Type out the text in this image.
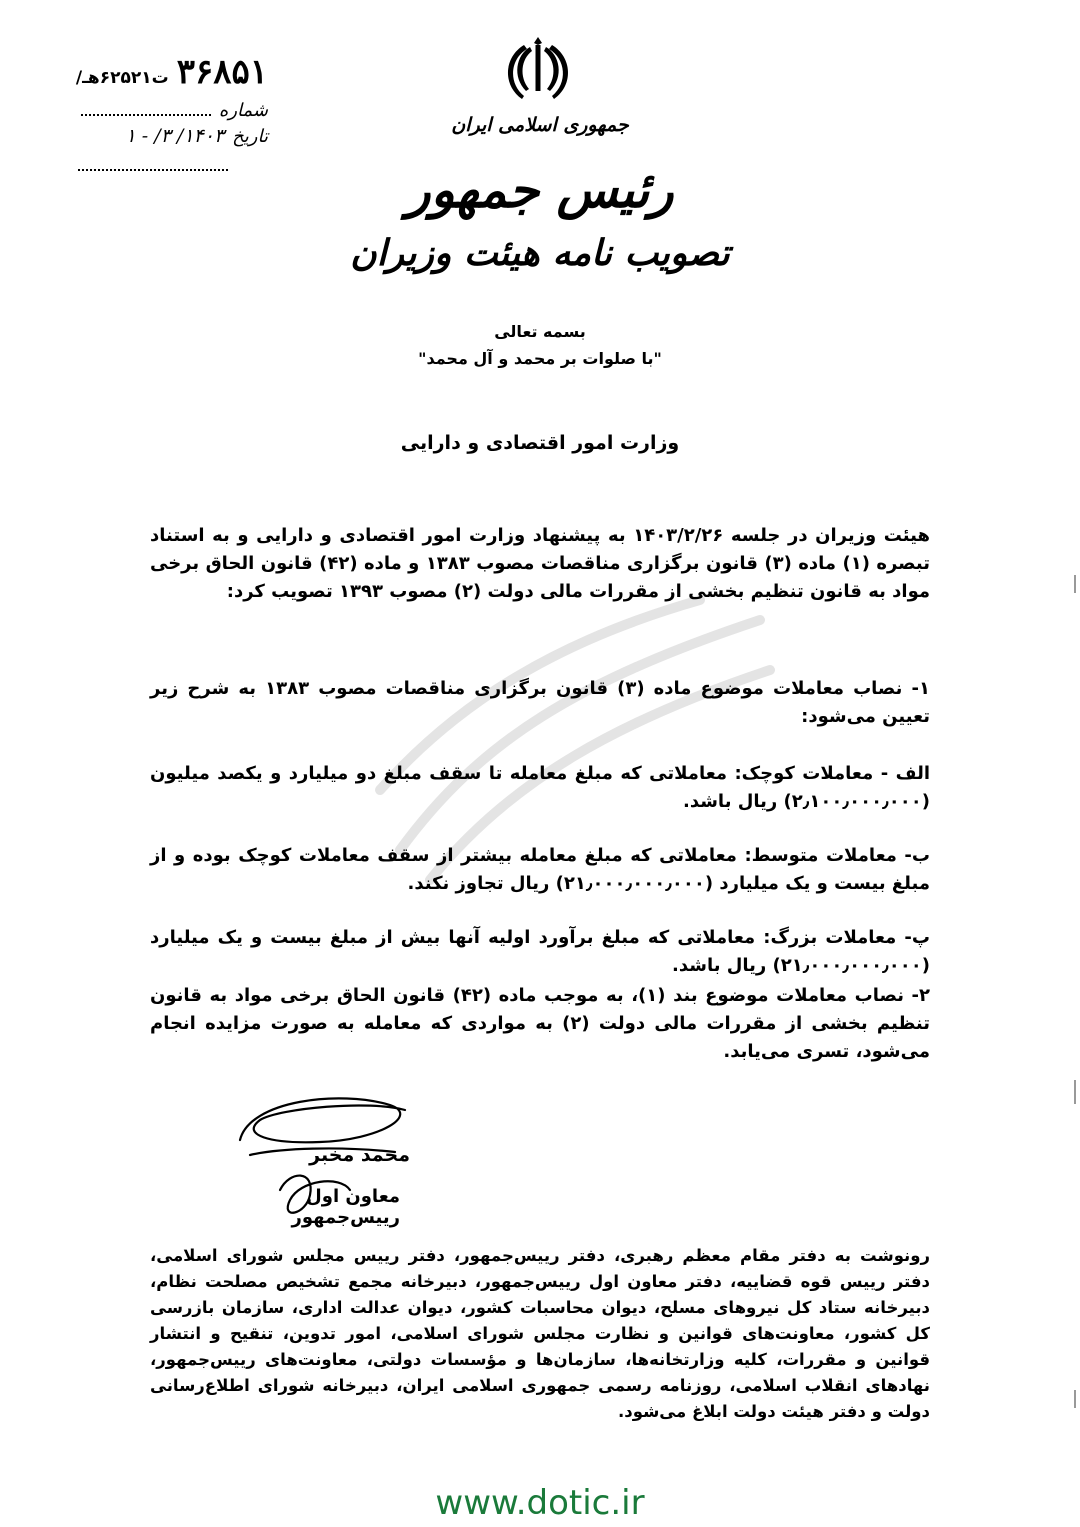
/ت۶۲۵۲۱هـ ۳۶۸۵۱
شماره
تاریخ
۱۴۰۳/ ۳/ - ۱	جمهوری اسلامی ایران
رئیس جمهور
تصویب نامه هیئت وزیران
بسمه تعالی
"با صلوات بر محمد و آل محمد"
وزارت امور اقتصادی و دارایی

هیئت وزیران در جلسه ۱۴۰۳/۲/۲۶ به پیشنهاد وزارت امور اقتصادی و دارایی و به استناد تبصره (۱) ماده (۳) قانون برگزاری مناقصات مصوب ۱۳۸۳ و ماده (۴۲) قانون الحاق برخی مواد به قانون تنظیم بخشی از مقررات مالی دولت (۲) مصوب ۱۳۹۳ تصویب کرد:

۱- نصاب معاملات موضوع ماده (۳) قانون برگزاری مناقصات مصوب ۱۳۸۳ به شرح زیر تعیین می‌شود:

الف - معاملات کوچک: معاملاتی که مبلغ معامله تا سقف مبلغ دو میلیارد و یکصد میلیون (۲٫۱۰۰٫۰۰۰٫۰۰۰) ریال باشد.

ب- معاملات متوسط: معاملاتی که مبلغ معامله بیشتر از سقف معاملات کوچک بوده و از مبلغ بیست و یک میلیارد (۲۱٫۰۰۰٫۰۰۰٫۰۰۰) ریال تجاوز نکند.

پ- معاملات بزرگ: معاملاتی که مبلغ برآورد اولیه آنها بیش از مبلغ بیست و یک میلیارد (۲۱٫۰۰۰٫۰۰۰٫۰۰۰) ریال باشد.

۲- نصاب معاملات موضوع بند (۱)، به موجب ماده (۴۲) قانون الحاق برخی مواد به قانون تنظیم بخشی از مقررات مالی دولت (۲) به مواردی که معامله به صورت مزایده انجام می‌شود، تسری می‌یابد.

محمد مخبر
معاون اول رییس‌جمهور
رونوشت به دفتر مقام معظم رهبری، دفتر رییس‌جمهور، دفتر رییس مجلس شورای اسلامی، دفتر رییس قوه قضاییه، دفتر معاون اول رییس‌جمهور، دبیرخانه مجمع تشخیص مصلحت نظام، دبیرخانه ستاد کل نیروهای مسلح، دیوان محاسبات کشور، دیوان عدالت اداری، سازمان بازرسی کل کشور، معاونت‌های قوانین و نظارت مجلس شورای اسلامی، امور تدوین، تنقیح و انتشار قوانین و مقررات، کلیه وزارتخانه‌ها، سازمان‌ها و مؤسسات دولتی، معاونت‌های رییس‌جمهور، نهادهای انقلاب اسلامی، روزنامه رسمی جمهوری اسلامی ایران، دبیرخانه شورای اطلاع‌رسانی دولت و دفتر هیئت دولت ابلاغ می‌شود.
www.dotic.ir
